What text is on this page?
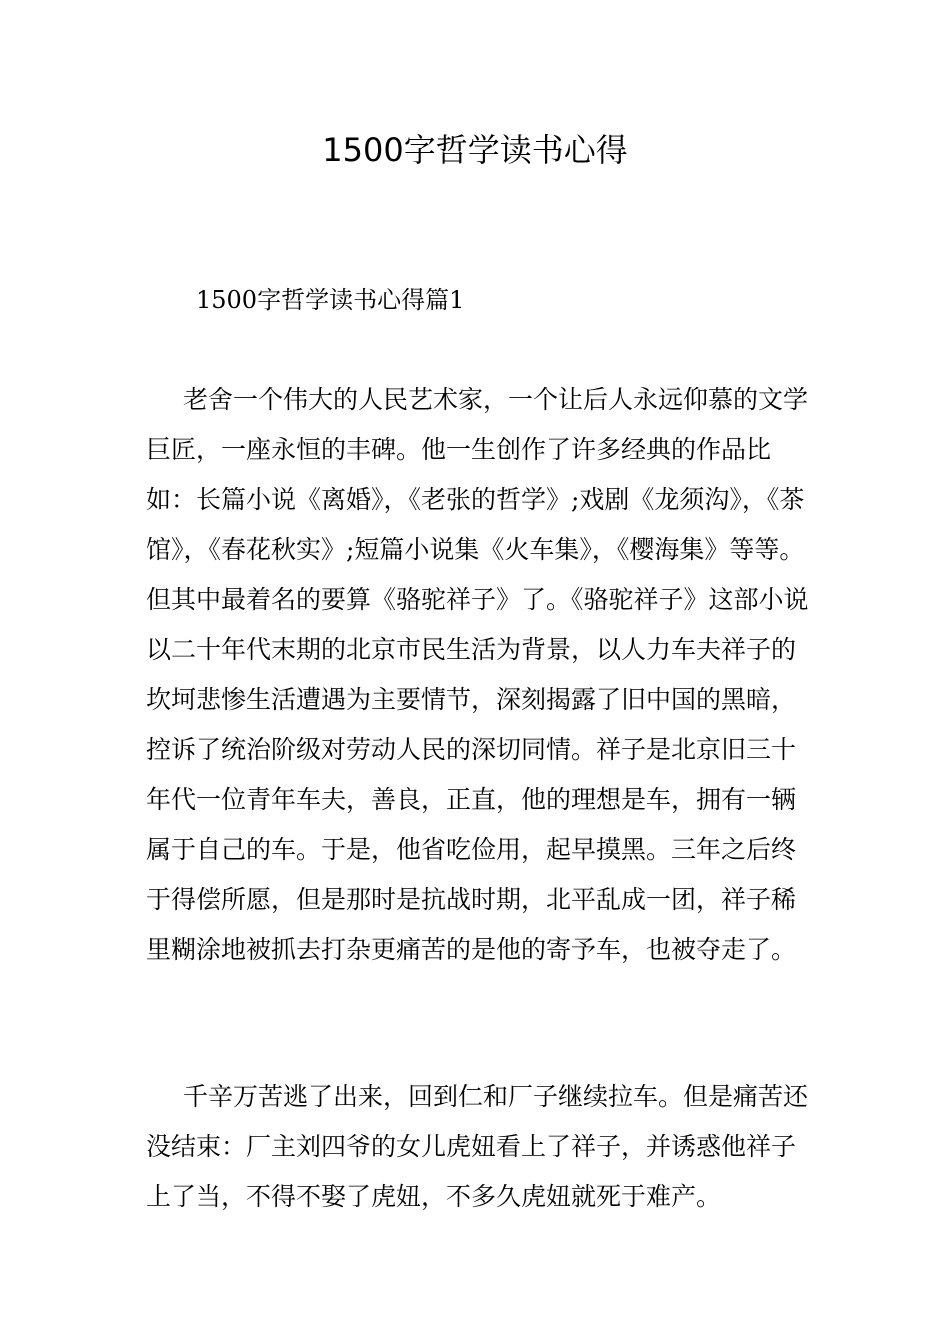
1500字哲学读书心得
1500字哲学读书心得篇1

老舍一个伟大的人民艺术家，一个让后人永远仰慕的文学巨匠，一座永恒的丰碑。他一生创作了许多经典的作品比如：长篇小说《离婚》，《老张的哲学》;戏剧《龙须沟》，《茶馆》，《春花秋实》;短篇小说集《火车集》，《樱海集》等等。但其中最着名的要算《骆驼祥子》了。《骆驼祥子》这部小说以二十年代末期的北京市民生活为背景，以人力车夫祥子的坎坷悲惨生活遭遇为主要情节，深刻揭露了旧中国的黑暗，控诉了统治阶级对劳动人民的深切同情。祥子是北京旧三十年代一位青年车夫，善良，正直，他的理想是车，拥有一辆属于自己的车。于是，他省吃俭用，起早摸黑。三年之后终于得偿所愿，但是那时是抗战时期，北平乱成一团，祥子稀里糊涂地被抓去打杂更痛苦的是他的寄予车，也被夺走了。

千辛万苦逃了出来，回到仁和厂子继续拉车。但是痛苦还没结束：厂主刘四爷的女儿虎妞看上了祥子，并诱惑他祥子上了当，不得不娶了虎妞，不多久虎妞就死于难产。
